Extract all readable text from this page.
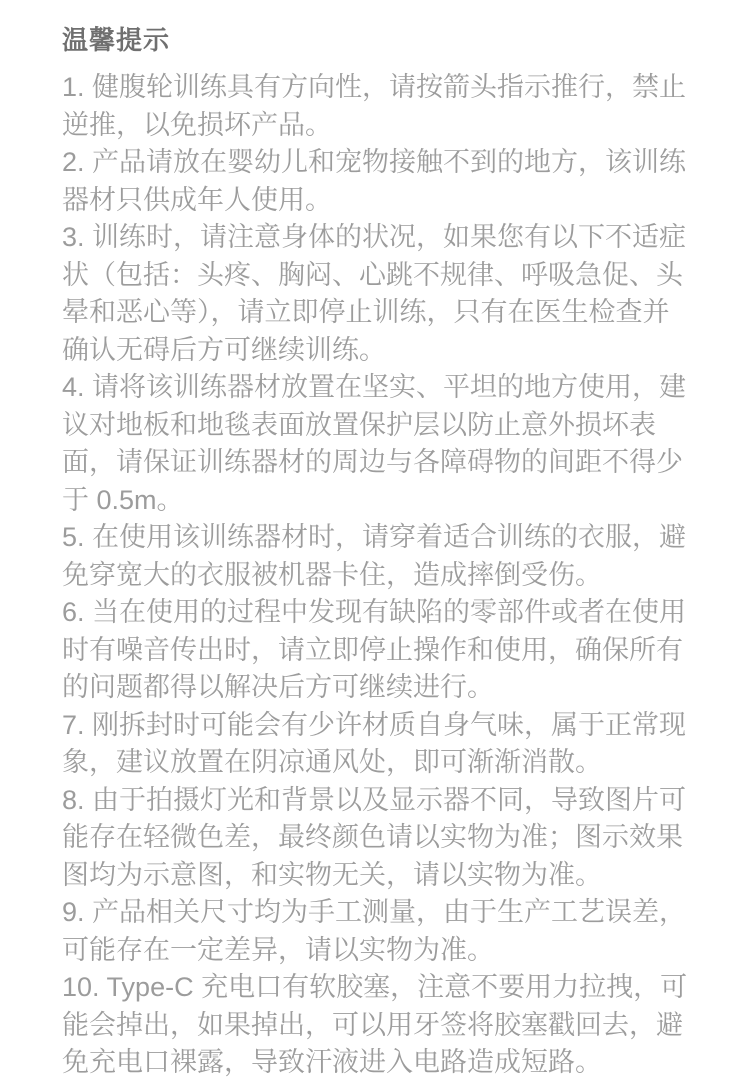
温馨提示

1. 健腹轮训练具有方向性，请按箭头指示推行，禁止逆推，以免损坏产品。

2. 产品请放在婴幼儿和宠物接触不到的地方，该训练器材只供成年人使用。

3. 训练时，请注意身体的状况，如果您有以下不适症状（包括：头疼、胸闷、心跳不规律、呼吸急促、头晕和恶心等），请立即停止训练，只有在医生检查并确认无碍后方可继续训练。

4. 请将该训练器材放置在坚实、平坦的地方使用，建议对地板和地毯表面放置保护层以防止意外损坏表面，请保证训练器材的周边与各障碍物的间距不得少于 0.5m。

5. 在使用该训练器材时，请穿着适合训练的衣服，避免穿宽大的衣服被机器卡住，造成摔倒受伤。

6. 当在使用的过程中发现有缺陷的零部件或者在使用时有噪音传出时，请立即停止操作和使用，确保所有的问题都得以解决后方可继续进行。

7. 刚拆封时可能会有少许材质自身气味，属于正常现象，建议放置在阴凉通风处，即可渐渐消散。

8. 由于拍摄灯光和背景以及显示器不同，导致图片可能存在轻微色差，最终颜色请以实物为准；图示效果图均为示意图，和实物无关，请以实物为准。

9. 产品相关尺寸均为手工测量，由于生产工艺误差，可能存在一定差异，请以实物为准。

10. Type-C 充电口有软胶塞，注意不要用力拉拽，可能会掉出，如果掉出，可以用牙签将胶塞戳回去，避免充电口裸露，导致汗液进入电路造成短路。
